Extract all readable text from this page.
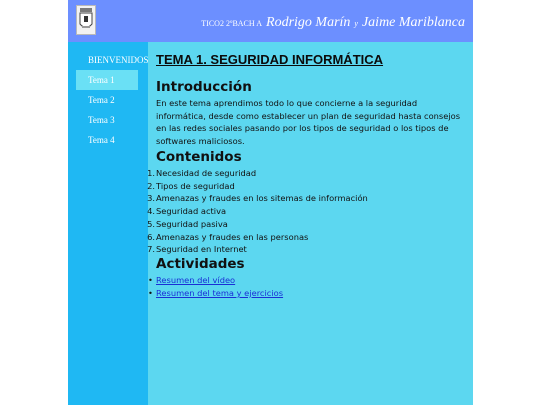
TICO2 2ºBACH A Rodrigo Marín y Jaime Mariblanca
BIENVENIDOS
Tema 1
Tema 2
Tema 3
Tema 4
TEMA 1. SEGURIDAD INFORMÁTICA
Introducción

En este tema aprendimos todo lo que concierne a la seguridad informática, desde como establecer un plan de seguridad hasta consejos en las redes sociales pasando por los tipos de seguridad o los tipos de softwares maliciosos.

Contenidos
1. Necesidad de seguridad
2. Tipos de seguridad
3. Amenazas y fraudes en los sitemas de información
4. Seguridad activa
5. Seguridad pasiva
6. Amenazas y fraudes en las personas
7. Seguridad en Internet
Actividades
• Resumen del vídeo
• Resumen del tema y ejercicios
